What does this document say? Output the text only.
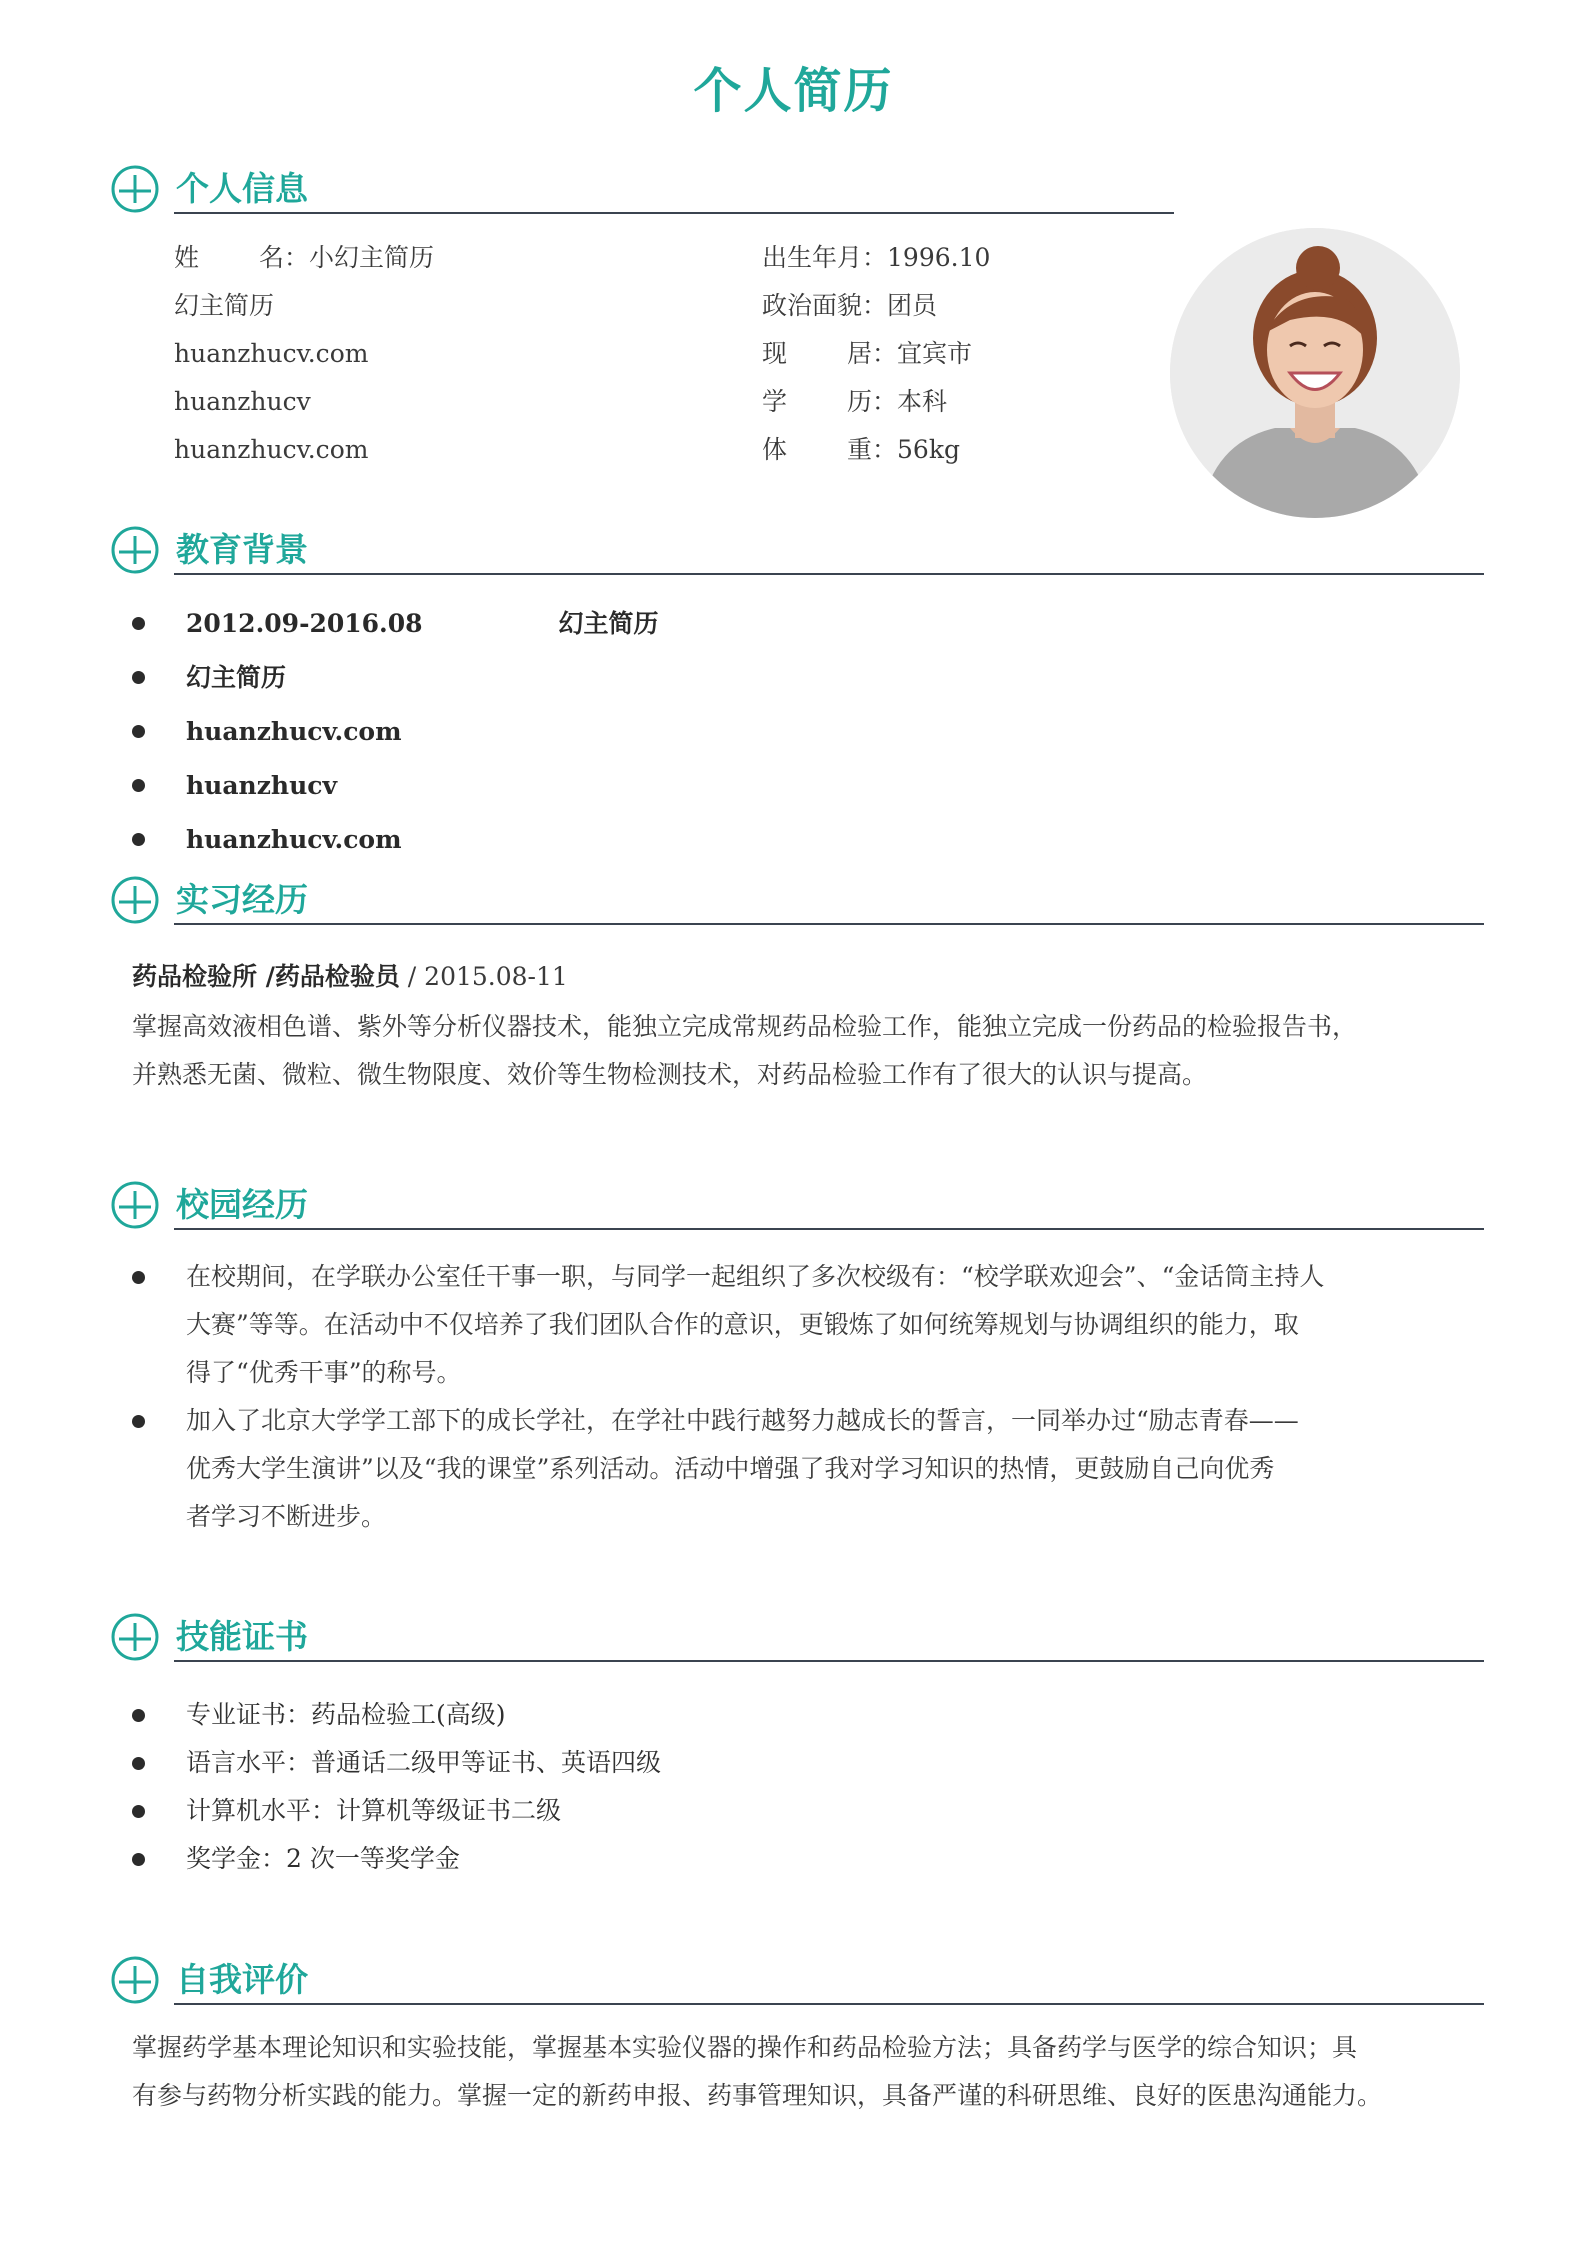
个人简历
个人信息
姓名：小幻主简历
幻主简历
huanzhucv.com
huanzhucv
huanzhucv.com
出生年月：1996.10
政治面貌：团员
现居：宜宾市
学历：本科
体重：56kg
教育背景
2012.09-2016.08	幻主简历
幻主简历
huanzhucv.com
huanzhucv
huanzhucv.com
实习经历
药品检验所 /药品检验员 / 2015.08-11
掌握高效液相色谱、紫外等分析仪器技术，能独立完成常规药品检验工作，能独立完成一份药品的检验报告书，
并熟悉无菌、微粒、微生物限度、效价等生物检测技术，对药品检验工作有了很大的认识与提高。
校园经历
在校期间，在学联办公室任干事一职，与同学一起组织了多次校级有：“校学联欢迎会”、“金话筒主持人
大赛”等等。在活动中不仅培养了我们团队合作的意识，更锻炼了如何统筹规划与协调组织的能力，取
得了“优秀干事”的称号。
加入了北京大学学工部下的成长学社，在学社中践行越努力越成长的誓言，一同举办过“励志青春——
优秀大学生演讲”以及“我的课堂”系列活动。活动中增强了我对学习知识的热情，更鼓励自己向优秀
者学习不断进步。
技能证书
专业证书：药品检验工(高级)
语言水平：普通话二级甲等证书、英语四级
计算机水平：计算机等级证书二级
奖学金：2 次一等奖学金
自我评价
掌握药学基本理论知识和实验技能，掌握基本实验仪器的操作和药品检验方法；具备药学与医学的综合知识；具
有参与药物分析实践的能力。掌握一定的新药申报、药事管理知识，具备严谨的科研思维、良好的医患沟通能力。
